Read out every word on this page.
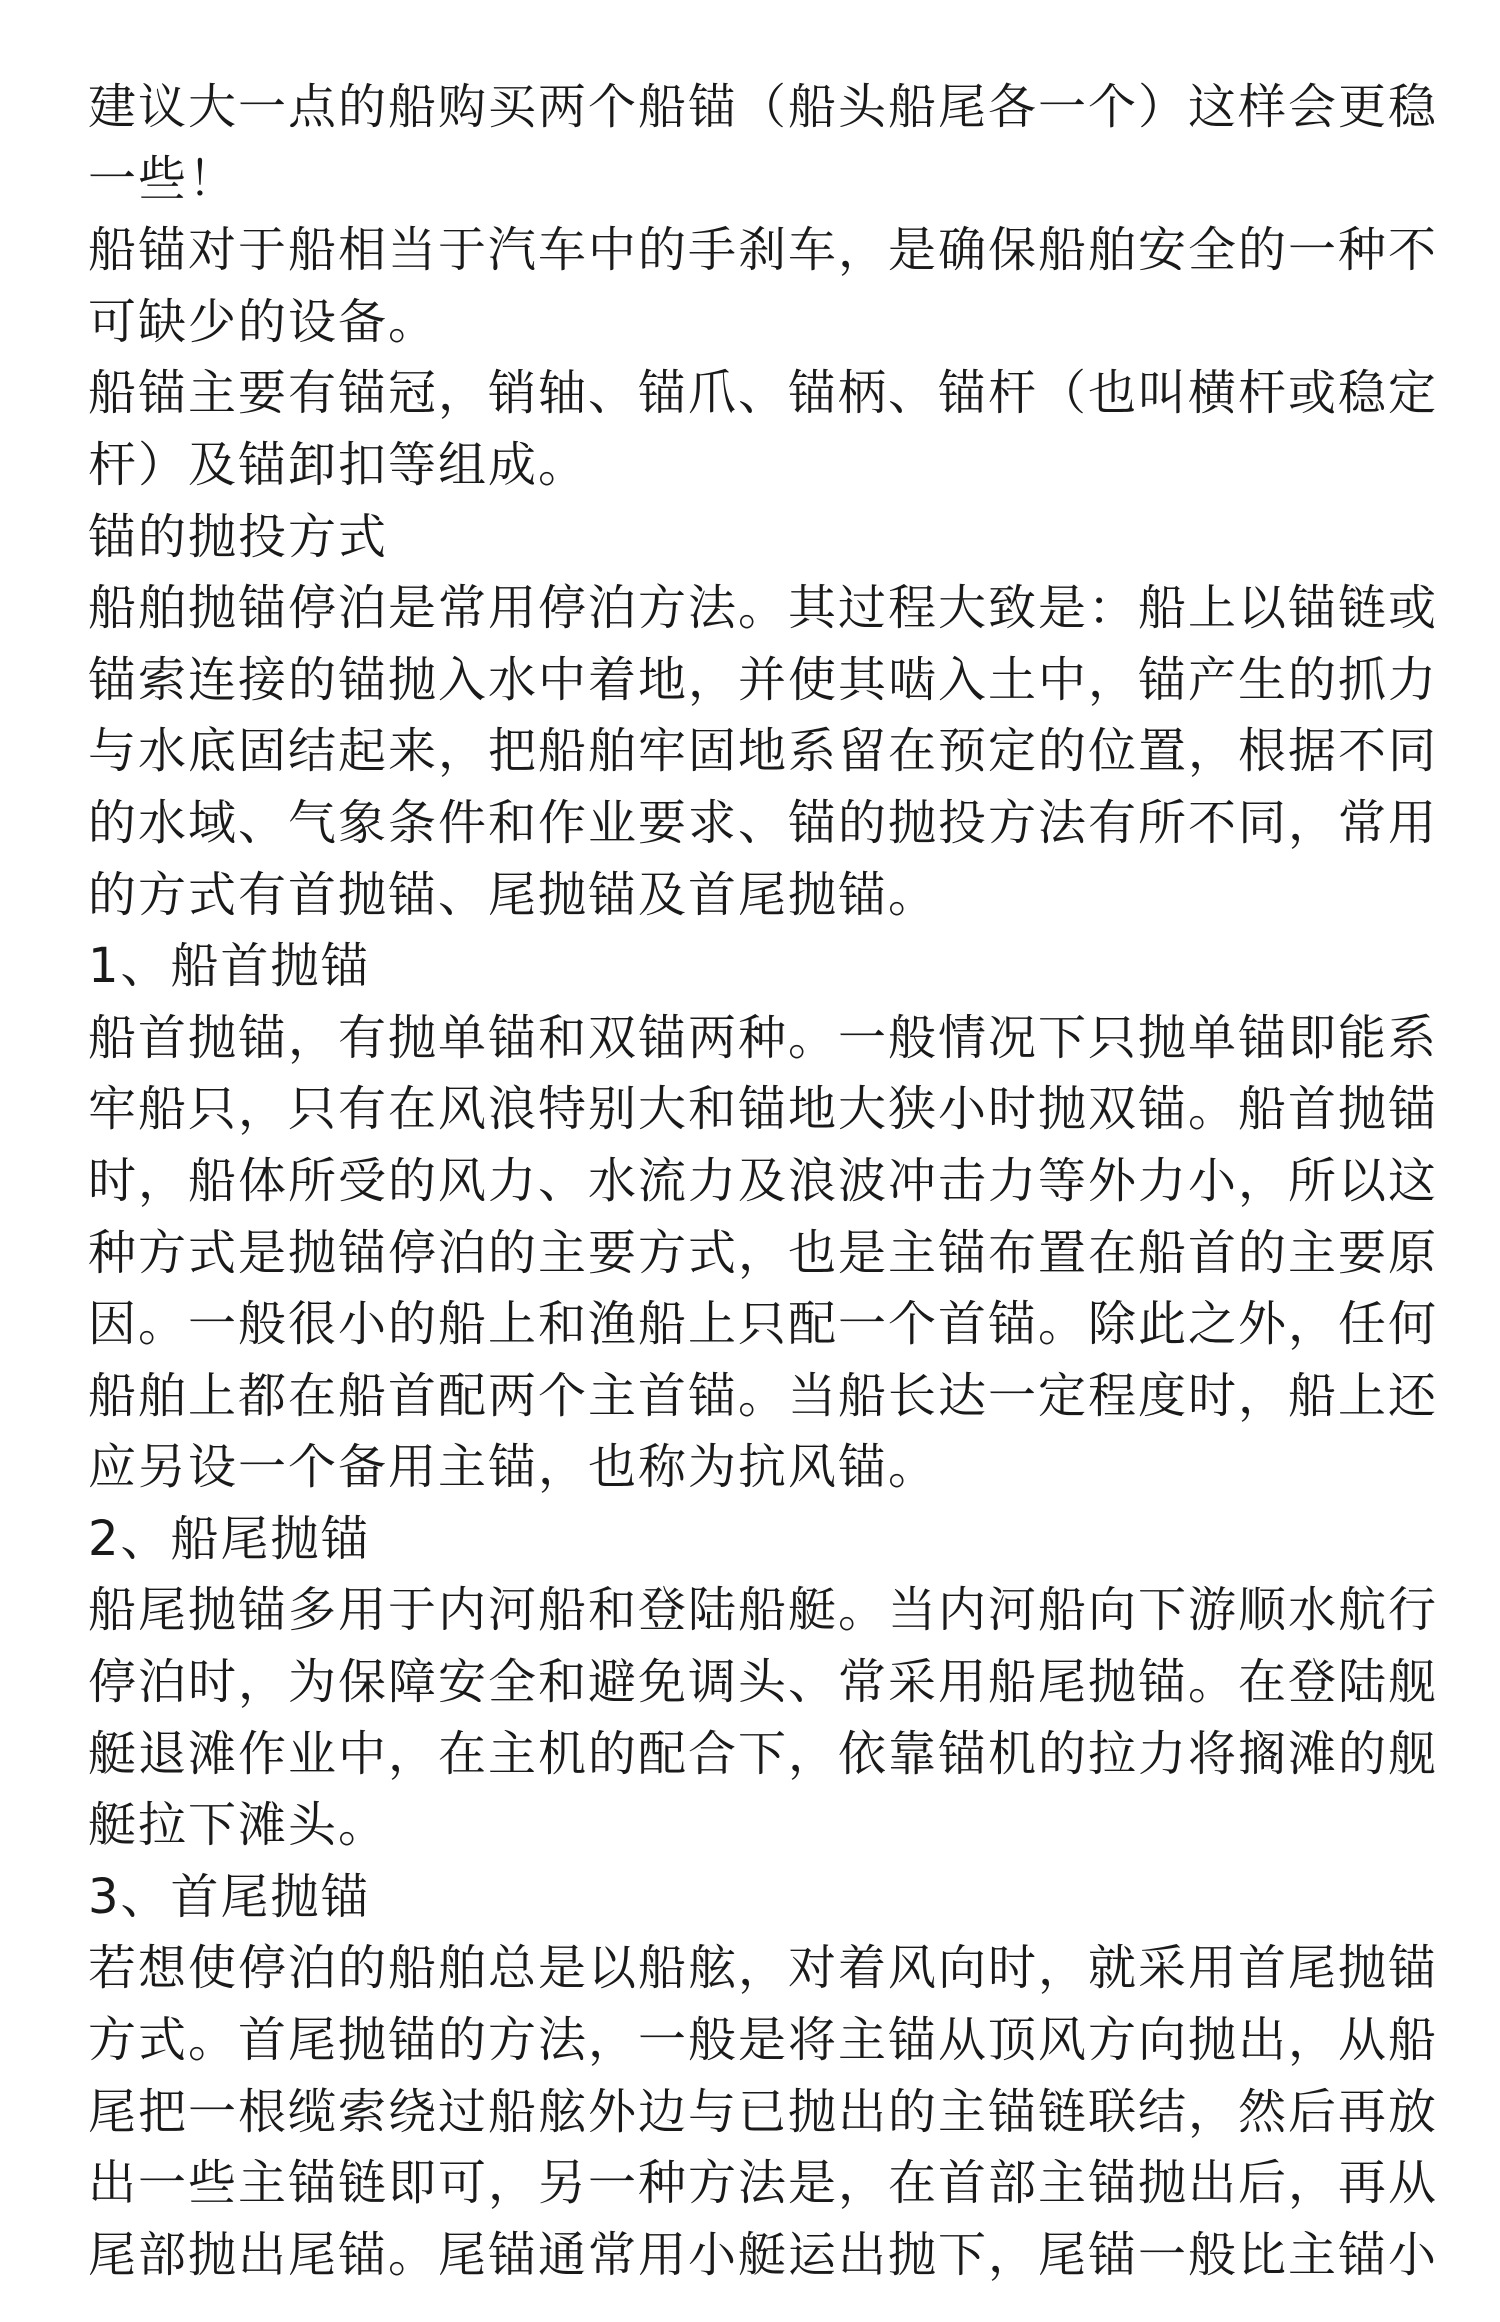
建议大一点的船购买两个船锚（船头船尾各一个）这样会更稳
一些！
船锚对于船相当于汽车中的手刹车，是确保船舶安全的一种不
可缺少的设备。
船锚主要有锚冠，销轴、锚爪、锚柄、锚杆（也叫横杆或稳定
杆）及锚卸扣等组成。
锚的抛投方式
船舶抛锚停泊是常用停泊方法。其过程大致是：船上以锚链或
锚索连接的锚抛入水中着地，并使其啮入土中，锚产生的抓力
与水底固结起来，把船舶牢固地系留在预定的位置，根据不同
的水域、气象条件和作业要求、锚的抛投方法有所不同，常用
的方式有首抛锚、尾抛锚及首尾抛锚。
1、船首抛锚
船首抛锚，有抛单锚和双锚两种。一般情况下只抛单锚即能系
牢船只，只有在风浪特别大和锚地大狭小时抛双锚。船首抛锚
时，船体所受的风力、水流力及浪波冲击力等外力小，所以这
种方式是抛锚停泊的主要方式，也是主锚布置在船首的主要原
因。一般很小的船上和渔船上只配一个首锚。除此之外，任何
船舶上都在船首配两个主首锚。当船长达一定程度时，船上还
应另设一个备用主锚，也称为抗风锚。
2、船尾抛锚
船尾抛锚多用于内河船和登陆船艇。当内河船向下游顺水航行
停泊时，为保障安全和避免调头、常采用船尾抛锚。在登陆舰
艇退滩作业中，在主机的配合下，依靠锚机的拉力将搁滩的舰
艇拉下滩头。
3、首尾抛锚
若想使停泊的船舶总是以船舷，对着风向时，就采用首尾抛锚
方式。首尾抛锚的方法，一般是将主锚从顶风方向抛出，从船
尾把一根缆索绕过船舷外边与已抛出的主锚链联结，然后再放
出一些主锚链即可，另一种方法是，在首部主锚抛出后，再从
尾部抛出尾锚。尾锚通常用小艇运出抛下，尾锚一般比主锚小
